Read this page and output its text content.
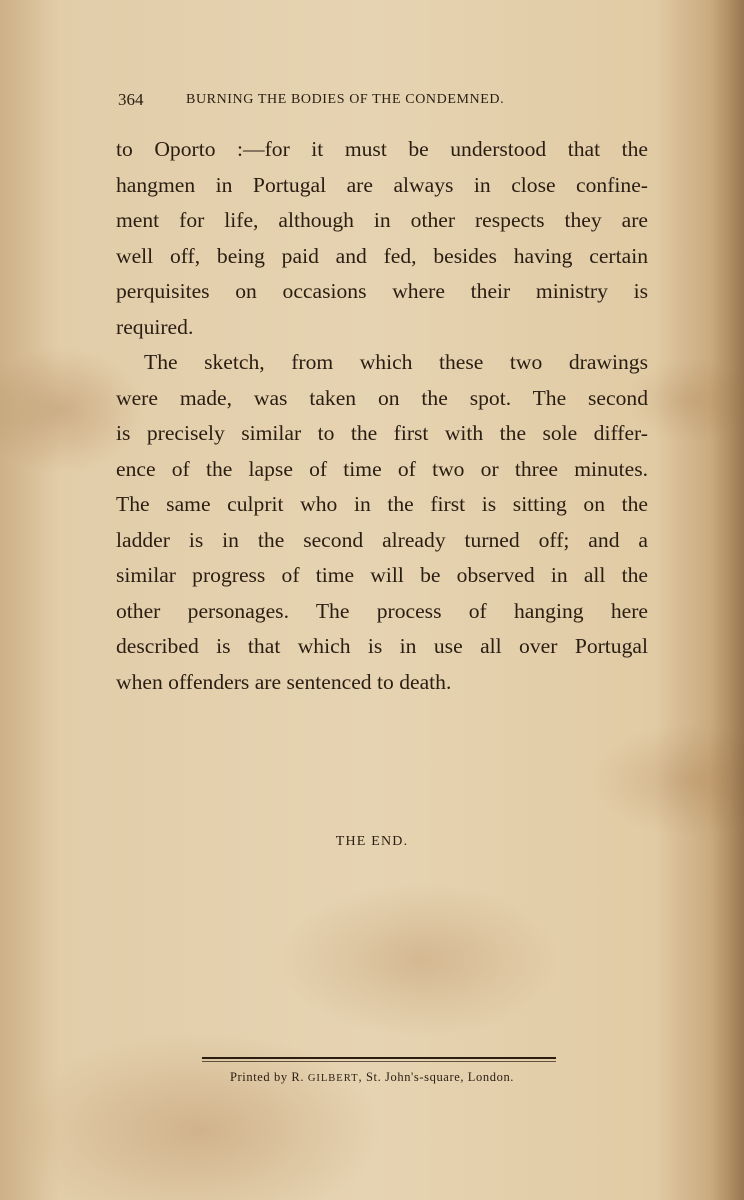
364	BURNING THE BODIES OF THE CONDEMNED.
to Oporto :—for it must be understood that the
hangmen in Portugal are always in close confine-
ment for life, although in other respects they are
well off, being paid and fed, besides having certain
perquisites on occasions where their ministry is
required.
The sketch, from which these two drawings
were made, was taken on the spot. The second
is precisely similar to the first with the sole differ-
ence of the lapse of time of two or three minutes.
The same culprit who in the first is sitting on the
ladder is in the second already turned off; and a
similar progress of time will be observed in all the
other personages. The process of hanging here
described is that which is in use all over Portugal
when offenders are sentenced to death.
THE END.
Printed by R. GILBERT, St. John's-square, London.
